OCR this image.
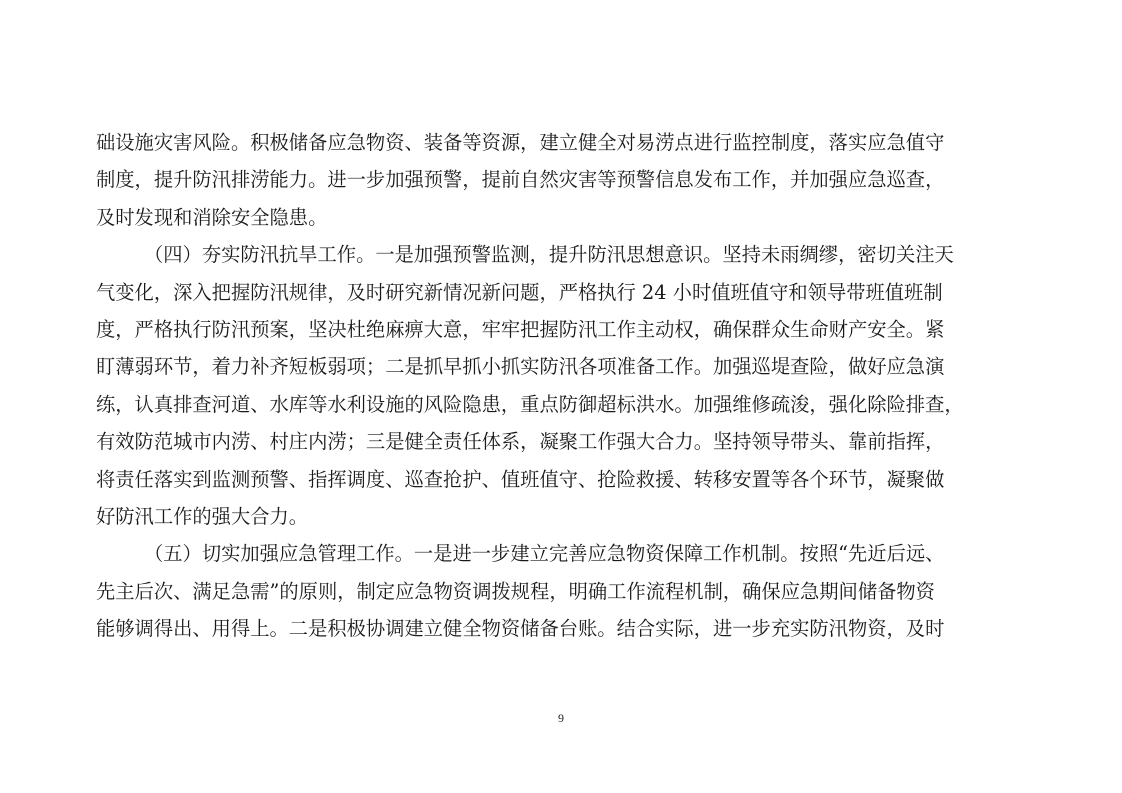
础设施灾害风险。积极储备应急物资、装备等资源，建立健全对易涝点进行监控制度，落实应急值守
制度，提升防汛排涝能力。进一步加强预警，提前自然灾害等预警信息发布工作，并加强应急巡查，
及时发现和消除安全隐患。
（四）夯实防汛抗旱工作。一是加强预警监测，提升防汛思想意识。坚持未雨绸缪，密切关注天
气变化，深入把握防汛规律，及时研究新情况新问题，严格执行 24 小时值班值守和领导带班值班制
度，严格执行防汛预案，坚决杜绝麻痹大意，牢牢把握防汛工作主动权，确保群众生命财产安全。紧
盯薄弱环节，着力补齐短板弱项；二是抓早抓小抓实防汛各项准备工作。加强巡堤查险，做好应急演
练，认真排查河道、水库等水利设施的风险隐患，重点防御超标洪水。加强维修疏浚，强化除险排查，
有效防范城市内涝、村庄内涝；三是健全责任体系，凝聚工作强大合力。坚持领导带头、靠前指挥，
将责任落实到监测预警、指挥调度、巡查抢护、值班值守、抢险救援、转移安置等各个环节，凝聚做
好防汛工作的强大合力。
（五）切实加强应急管理工作。一是进一步建立完善应急物资保障工作机制。按照“先近后远、
先主后次、满足急需”的原则，制定应急物资调拨规程，明确工作流程机制，确保应急期间储备物资
能够调得出、用得上。二是积极协调建立健全物资储备台账。结合实际，进一步充实防汛物资，及时
9
